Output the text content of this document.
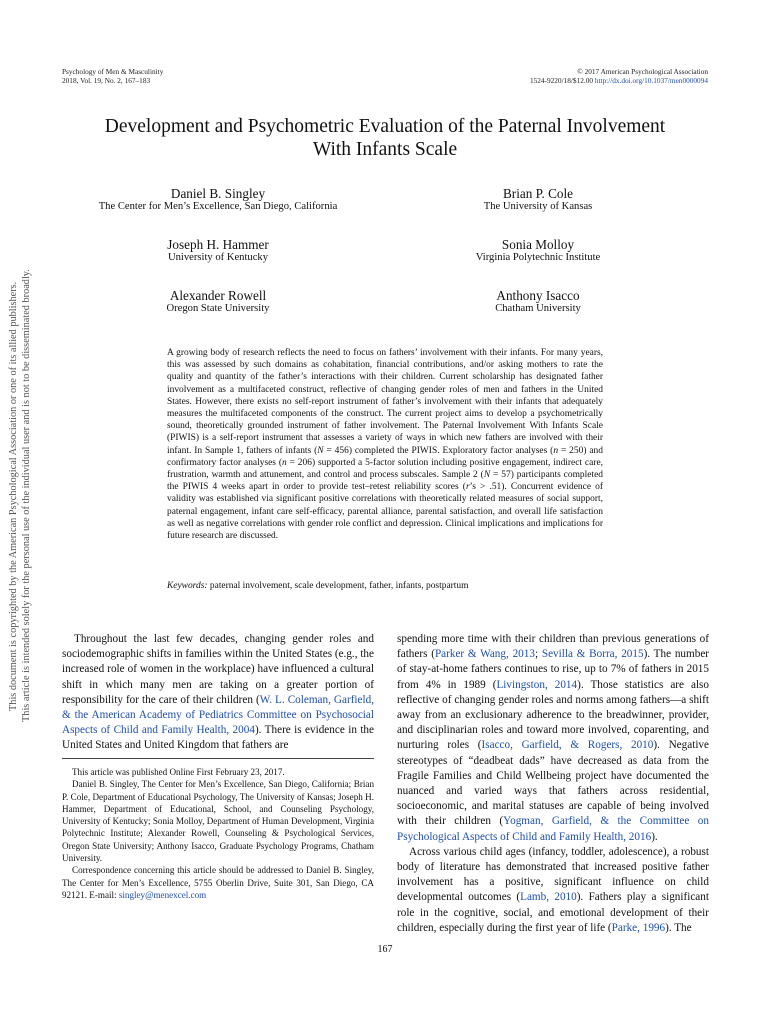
Psychology of Men & Masculinity
2018, Vol. 19, No. 2, 167–183
© 2017 American Psychological Association
1524-9220/18/$12.00 http://dx.doi.org/10.1037/men0000094
Development and Psychometric Evaluation of the Paternal Involvement
With Infants Scale
Daniel B. Singley
The Center for Men’s Excellence, San Diego, California
Brian P. Cole
The University of Kansas
Joseph H. Hammer
University of Kentucky
Sonia Molloy
Virginia Polytechnic Institute
Alexander Rowell
Oregon State University
Anthony Isacco
Chatham University
A growing body of research reflects the need to focus on fathers’ involvement with their infants. For many years, this was assessed by such domains as cohabitation, financial contributions, and/or asking mothers to rate the quality and quantity of the father’s interactions with their children. Current scholarship has designated father involvement as a multifaceted construct, reflective of changing gender roles of men and fathers in the United States. However, there exists no self-report instrument of father’s involvement with their infants that adequately measures the multifaceted components of the construct. The current project aims to develop a psychometrically sound, theoretically grounded instrument of father involvement. The Paternal Involvement With Infants Scale (PIWIS) is a self-report instrument that assesses a variety of ways in which new fathers are involved with their infant. In Sample 1, fathers of infants (N = 456) completed the PIWIS. Exploratory factor analyses (n = 250) and confirmatory factor analyses (n = 206) supported a 5-factor solution including positive engagement, indirect care, frustration, warmth and attunement, and control and process subscales. Sample 2 (N = 57) participants completed the PIWIS 4 weeks apart in order to provide test–retest reliability scores (r’s > .51). Concurrent evidence of validity was established via significant positive correlations with theoretically related measures of social support, paternal engagement, infant care self-efficacy, parental alliance, parental satisfaction, and overall life satisfaction as well as negative correlations with gender role conflict and depression. Clinical implications and implications for future research are discussed.
Keywords: paternal involvement, scale development, father, infants, postpartum

Throughout the last few decades, changing gender roles and sociodemographic shifts in families within the United States (e.g., the increased role of women in the workplace) have influenced a cultural shift in which many men are taking on a greater portion of responsibility for the care of their children (W. L. Coleman, Garfield, & the American Academy of Pediatrics Committee on Psychosocial Aspects of Child and Family Health, 2004). There is evidence in the United States and United Kingdom that fathers are

This article was published Online First February 23, 2017.

Daniel B. Singley, The Center for Men’s Excellence, San Diego, California; Brian P. Cole, Department of Educational Psychology, The University of Kansas; Joseph H. Hammer, Department of Educational, School, and Counseling Psychology, University of Kentucky; Sonia Molloy, Department of Human Development, Virginia Polytechnic Institute; Alexander Rowell, Counseling & Psychological Services, Oregon State University; Anthony Isacco, Graduate Psychology Programs, Chatham University.

Correspondence concerning this article should be addressed to Daniel B. Singley, The Center for Men’s Excellence, 5755 Oberlin Drive, Suite 301, San Diego, CA 92121. E-mail: singley@menexcel.com

spending more time with their children than previous generations of fathers (Parker & Wang, 2013; Sevilla & Borra, 2015). The number of stay-at-home fathers continues to rise, up to 7% of fathers in 2015 from 4% in 1989 (Livingston, 2014). Those statistics are also reflective of changing gender roles and norms among fathers—a shift away from an exclusionary adherence to the breadwinner, provider, and disciplinarian roles and toward more involved, coparenting, and nurturing roles (Isacco, Garfield, & Rogers, 2010). Negative stereotypes of “deadbeat dads” have decreased as data from the Fragile Families and Child Wellbeing project have documented the nuanced and varied ways that fathers across residential, socioeconomic, and marital statuses are capable of being involved with their children (Yogman, Garfield, & the Committee on Psychological Aspects of Child and Family Health, 2016).

Across various child ages (infancy, toddler, adolescence), a robust body of literature has demonstrated that increased positive father involvement has a positive, significant influence on child developmental outcomes (Lamb, 2010). Fathers play a significant role in the cognitive, social, and emotional development of their children, especially during the first year of life (Parke, 1996). The

167
This document is copyrighted by the American Psychological Association or one of its allied publishers. This article is intended solely for the personal use of the individual user and is not to be disseminated broadly.
